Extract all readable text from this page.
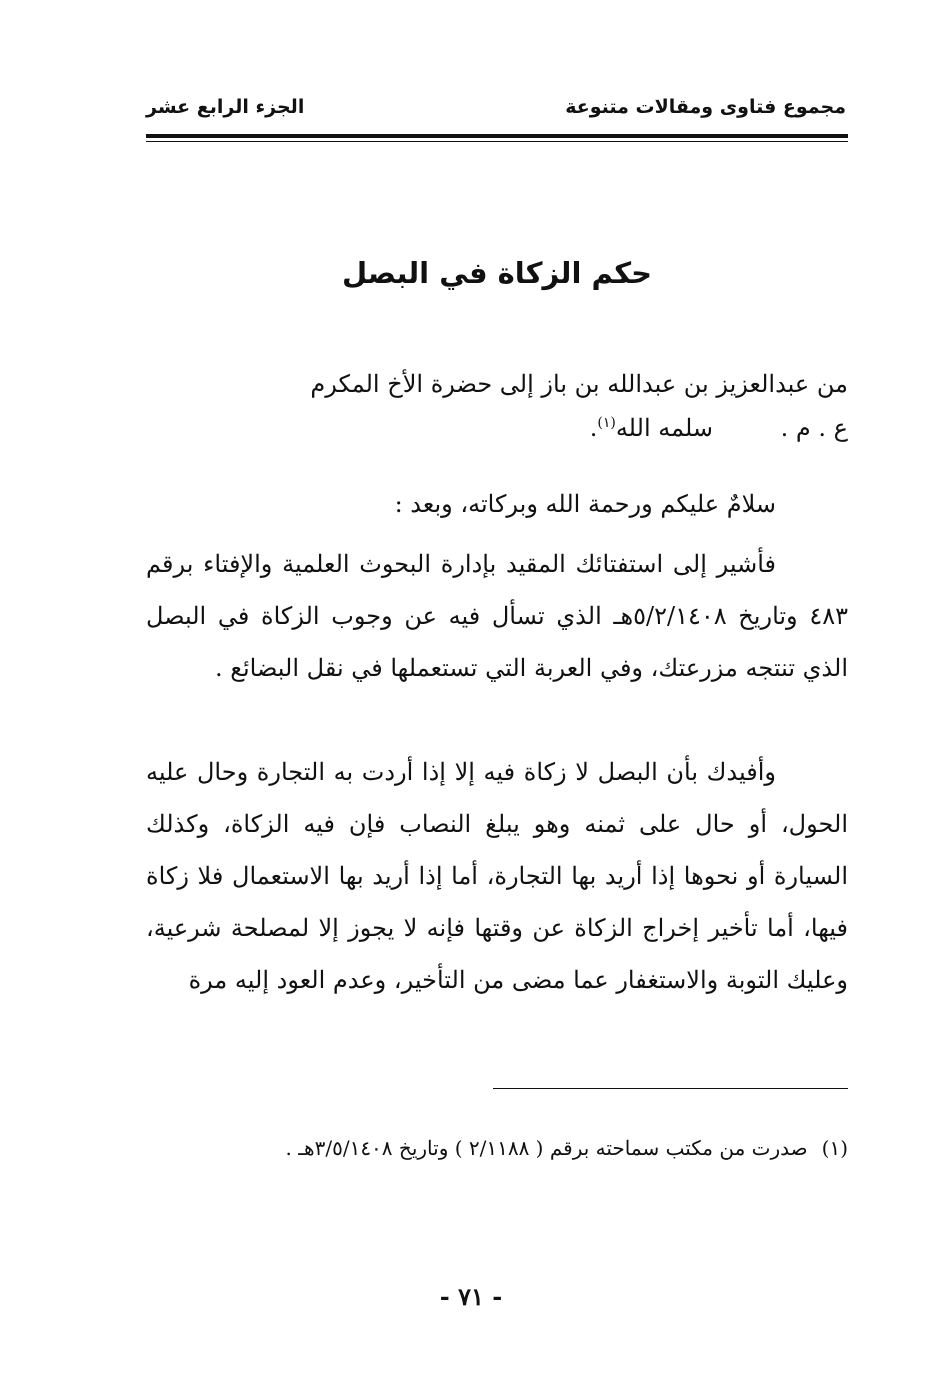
مجموع فتاوى ومقالات متنوعة
الجزء الرابع عشر
حكم الزكاة في البصل
من عبدالعزيز بن عبدالله بن باز إلى حضرة الأخ المكرم
ع . م . سلمه الله$^{(١)}$.
سلامٌ عليكم ورحمة الله وبركاته، وبعد :
فأشير إلى استفتائك المقيد بإدارة البحوث العلمية والإفتاء برقم ٤٨٣ وتاريخ ٥/٢/١٤٠٨هـ الذي تسأل فيه عن وجوب الزكاة في البصل الذي تنتجه مزرعتك، وفي العربة التي تستعملها في نقل البضائع .
وأفيدك بأن البصل لا زكاة فيه إلا إذا أردت به التجارة وحال عليه الحول، أو حال على ثمنه وهو يبلغ النصاب فإن فيه الزكاة، وكذلك السيارة أو نحوها إذا أريد بها التجارة، أما إذا أريد بها الاستعمال فلا زكاة فيها، أما تأخير إخراج الزكاة عن وقتها فإنه لا يجوز إلا لمصلحة شرعية، وعليك التوبة والاستغفار عما مضى من التأخير، وعدم العود إليه مرة
(١)صدرت من مكتب سماحته برقم ( ٢/١١٨٨ ) وتاريخ ٣/٥/١٤٠٨هـ .
- ٧١ -
